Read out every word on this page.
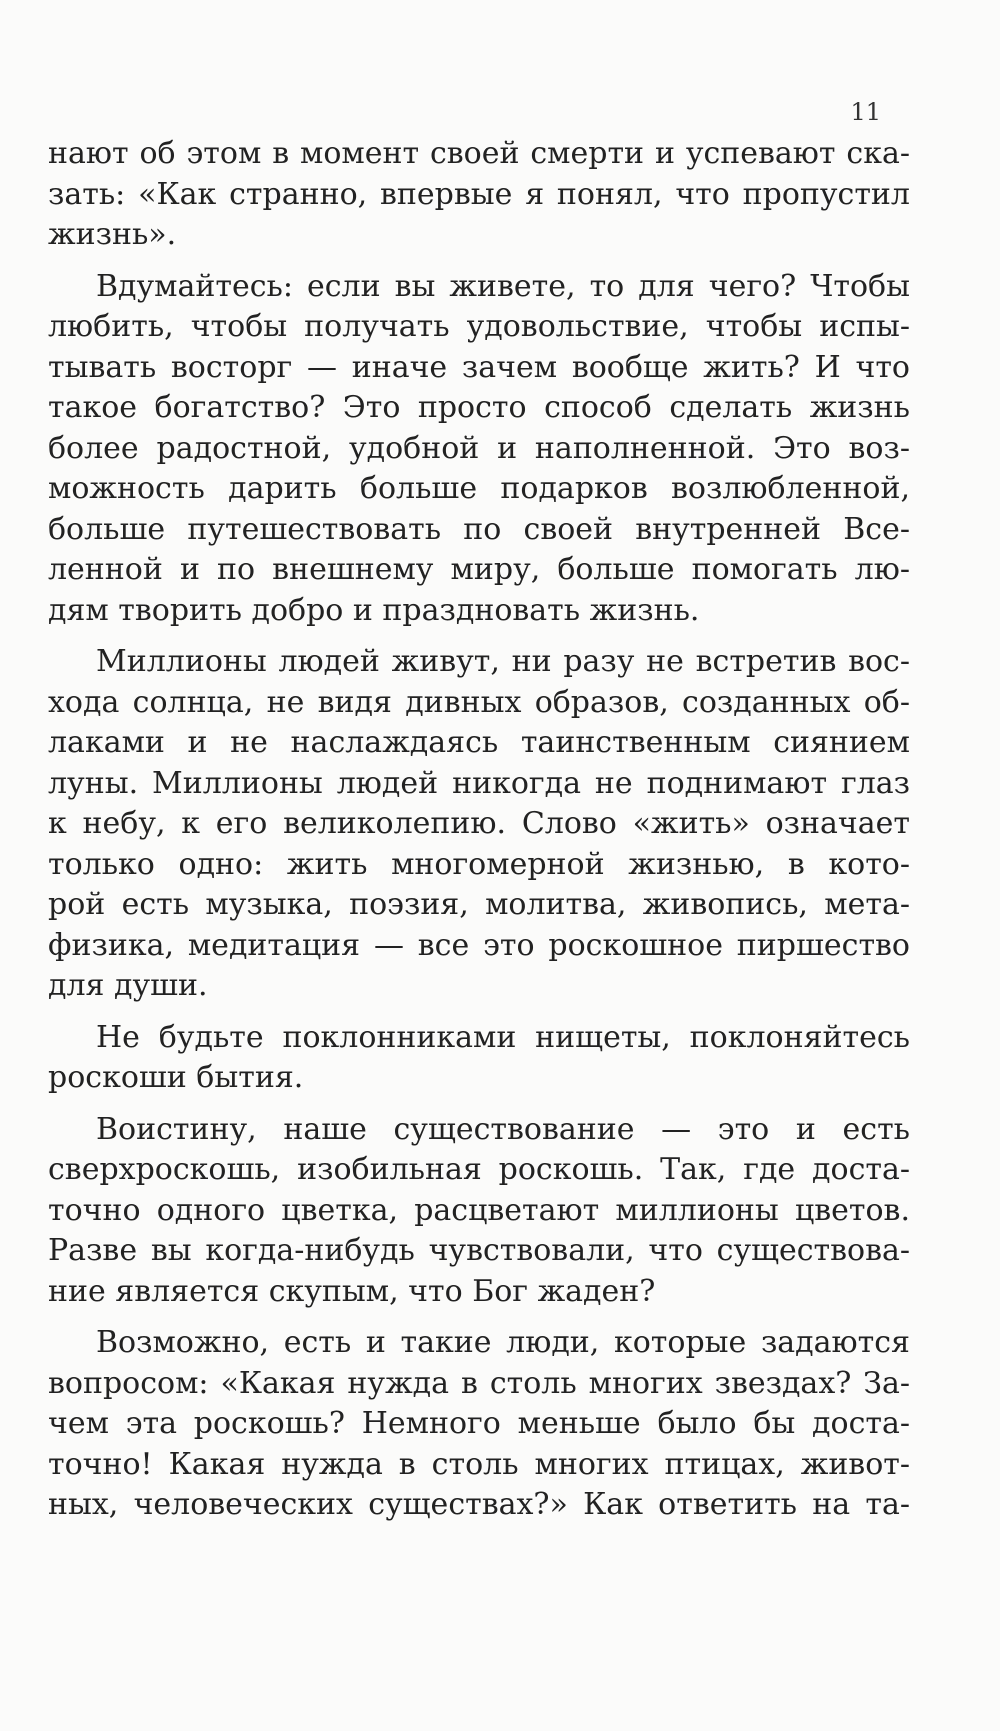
11
нают об этом в момент своей смерти и успевают ска-
зать: «Как странно, впервые я понял, что пропустил
жизнь».
Вдумайтесь: если вы живете, то для чего? Чтобы
любить, чтобы получать удовольствие, чтобы испы-
тывать восторг — иначе зачем вообще жить? И что
такое богатство? Это просто способ сделать жизнь
более радостной, удобной и наполненной. Это воз-
можность дарить больше подарков возлюбленной,
больше путешествовать по своей внутренней Все-
ленной и по внешнему миру, больше помогать лю-
дям творить добро и праздновать жизнь.
Миллионы людей живут, ни разу не встретив вос-
хода солнца, не видя дивных образов, созданных об-
лаками и не наслаждаясь таинственным сиянием
луны. Миллионы людей никогда не поднимают глаз
к небу, к его великолепию. Слово «жить» означает
только одно: жить многомерной жизнью, в кото-
рой есть музыка, поэзия, молитва, живопись, мета-
физика, медитация — все это роскошное пиршество
для души.
Не будьте поклонниками нищеты, поклоняйтесь
роскоши бытия.
Воистину, наше существование — это и есть
сверхроскошь, изобильная роскошь. Так, где доста-
точно одного цветка, расцветают миллионы цветов.
Разве вы когда-нибудь чувствовали, что существова-
ние является скупым, что Бог жаден?
Возможно, есть и такие люди, которые задаются
вопросом: «Какая нужда в столь многих звездах? За-
чем эта роскошь? Немного меньше было бы доста-
точно! Какая нужда в столь многих птицах, живот-
ных, человеческих существах?» Как ответить на та-
